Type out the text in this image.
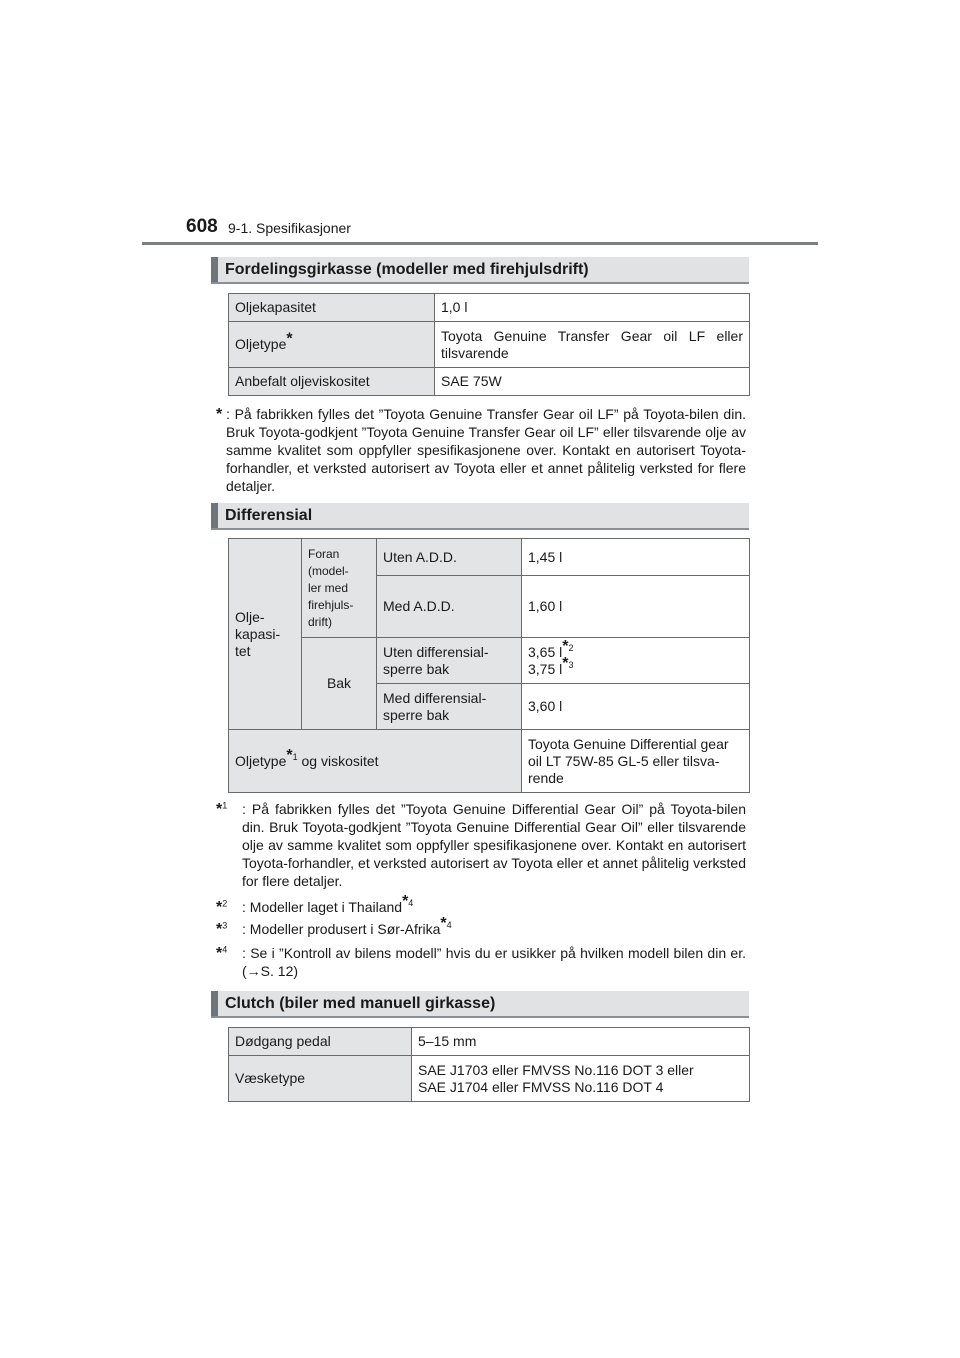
608 9-1. Spesifikasjoner
Fordelingsgirkasse (modeller med firehjulsdrift)
Oljekapasitet	1,0 l
Oljetype*	Toyota Genuine Transfer Gear oil LF eller tilsvarende
Anbefalt oljeviskositet	SAE 75W
* : På fabrikken fylles det ”Toyota Genuine Transfer Gear oil LF” på Toyota-bilen din. Bruk Toyota-godkjent ”Toyota Genuine Transfer Gear oil LF” eller tilsvarende olje av samme kvalitet som oppfyller spesifikasjonene over. Kontakt en autorisert Toyota-forhandler, et verksted autorisert av Toyota eller et annet pålitelig verksted for flere detaljer.
Differensial
Olje-
kapasi-
tet	Foran
(model-
ler med
firehjuls-
drift)	Uten A.D.D.	1,45 l
		Med A.D.D.	1,60 l
	Bak	Uten differensial-
sperre bak	3,65 $l^{*2}$
3,75 $l^{*3}$
		Med differensial-
sperre bak	3,60 l
Oljetype$^{*1}$ og viskositet			Toyota Genuine Differential gear oil LT 75W-85 GL-5 eller tilsva-
rende
*$^1$ : På fabrikken fylles det ”Toyota Genuine Differential Gear Oil” på Toyota-bilen din. Bruk Toyota-godkjent ”Toyota Genuine Differential Gear Oil” eller tilsvarende olje av samme kvalitet som oppfyller spesifikasjonene over. Kontakt en autorisert Toyota-forhandler, et verksted autorisert av Toyota eller et annet pålitelig verksted for flere detaljer.
*$^2$ : Modeller laget i Thailand$^{*4}$
*$^3$ : Modeller produsert i Sør-Afrika$^{*4}$
*$^4$ : Se i ”Kontroll av bilens modell” hvis du er usikker på hvilken modell bilen din er. (→S. 12)
Clutch (biler med manuell girkasse)
Dødgang pedal	5–15 mm
Væsketype	SAE J1703 eller FMVSS No.116 DOT 3 eller
SAE J1704 eller FMVSS No.116 DOT 4
